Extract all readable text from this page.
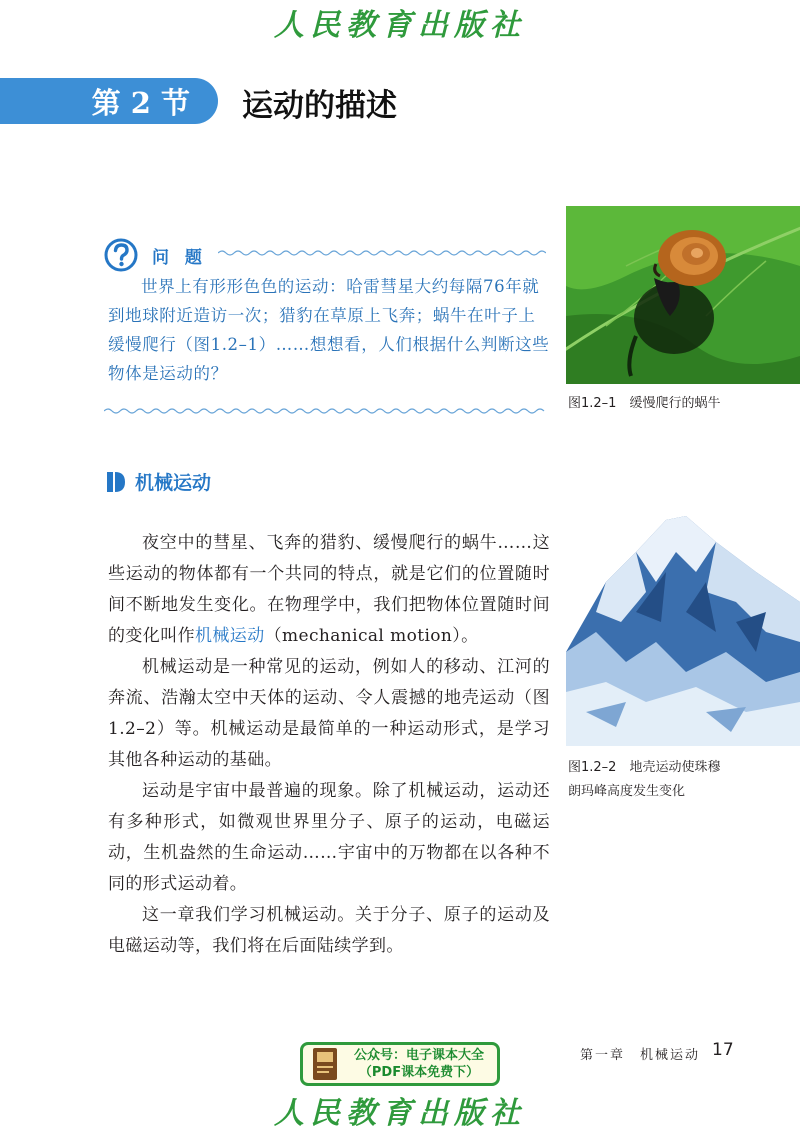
人民教育出版社
第 2 节	运动的描述
问 题

世界上有形形色色的运动：哈雷彗星大约每隔76年就到地球附近造访一次；猎豹在草原上飞奔；蜗牛在叶子上缓慢爬行（图1.2–1）……想想看，人们根据什么判断这些物体是运动的？

图1.2–1　缓慢爬行的蜗牛
图1.2–2　地壳运动使珠穆
朗玛峰高度发生变化
机械运动

夜空中的彗星、飞奔的猎豹、缓慢爬行的蜗牛……这些运动的物体都有一个共同的特点，就是它们的位置随时间不断地发生变化。在物理学中，我们把物体位置随时间的变化叫作机械运动（mechanical motion）。

机械运动是一种常见的运动，例如人的移动、江河的奔流、浩瀚太空中天体的运动、令人震撼的地壳运动（图1.2–2）等。机械运动是最简单的一种运动形式，是学习其他各种运动的基础。

运动是宇宙中最普遍的现象。除了机械运动，运动还有多种形式，如微观世界里分子、原子的运动，电磁运动，生机盎然的生命运动……宇宙中的万物都在以各种不同的形式运动着。

这一章我们学习机械运动。关于分子、原子的运动及电磁运动等，我们将在后面陆续学到。

公众号：电子课本大全
（PDF课本免费下）
第一章　机械运动 17
人民教育出版社
